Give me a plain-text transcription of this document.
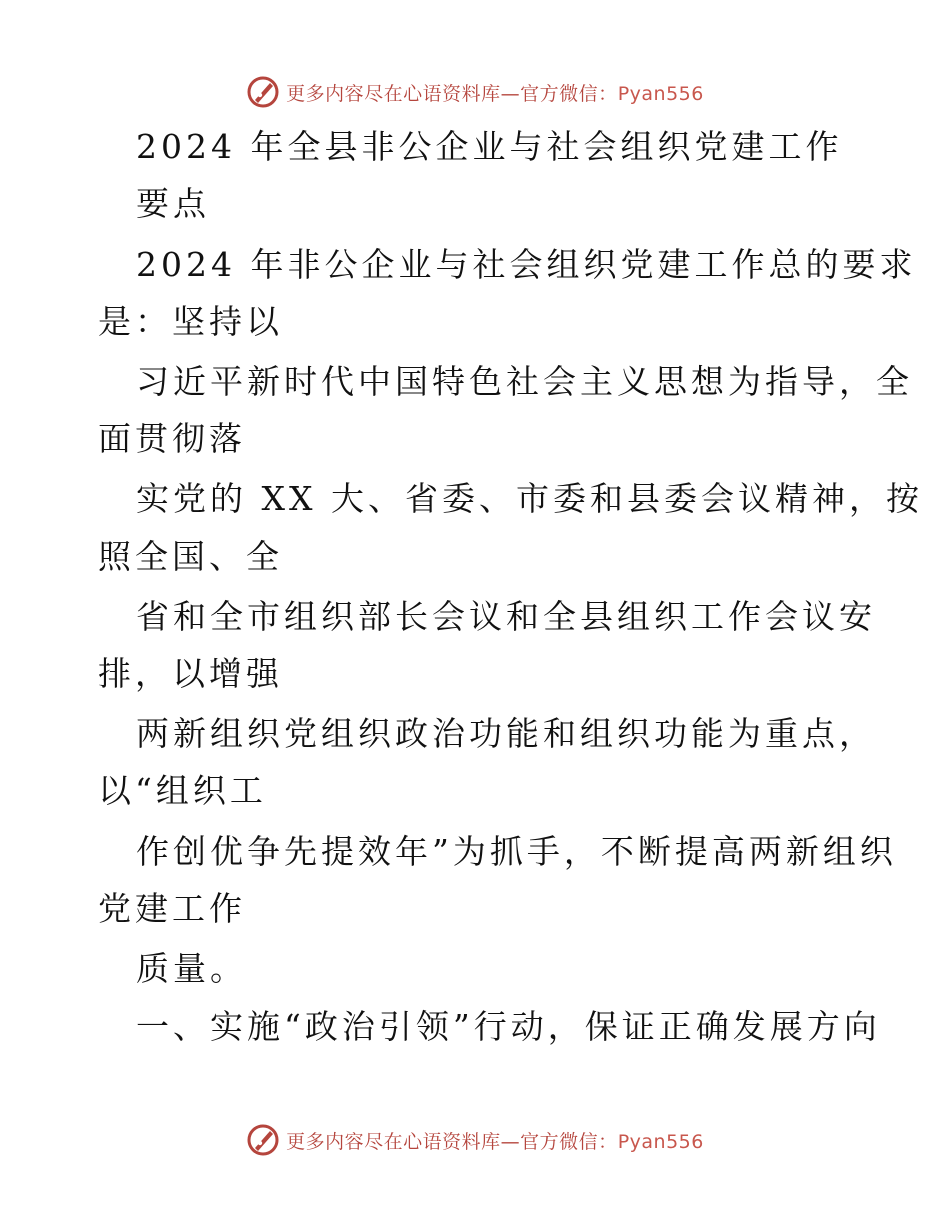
更多内容尽在心语资料库—官方微信：Pyan556
2024 年全县非公企业与社会组织党建工作
要点
2024 年非公企业与社会组织党建工作总的要求
是：坚持以
习近平新时代中国特色社会主义思想为指导，全
面贯彻落
实党的 XX 大、省委、市委和县委会议精神，按
照全国、全
省和全市组织部长会议和全县组织工作会议安
排，以增强
两新组织党组织政治功能和组织功能为重点，
以“组织工
作创优争先提效年”为抓手，不断提高两新组织
党建工作
质量。
一、实施“政治引领”行动，保证正确发展方向
更多内容尽在心语资料库—官方微信：Pyan556
